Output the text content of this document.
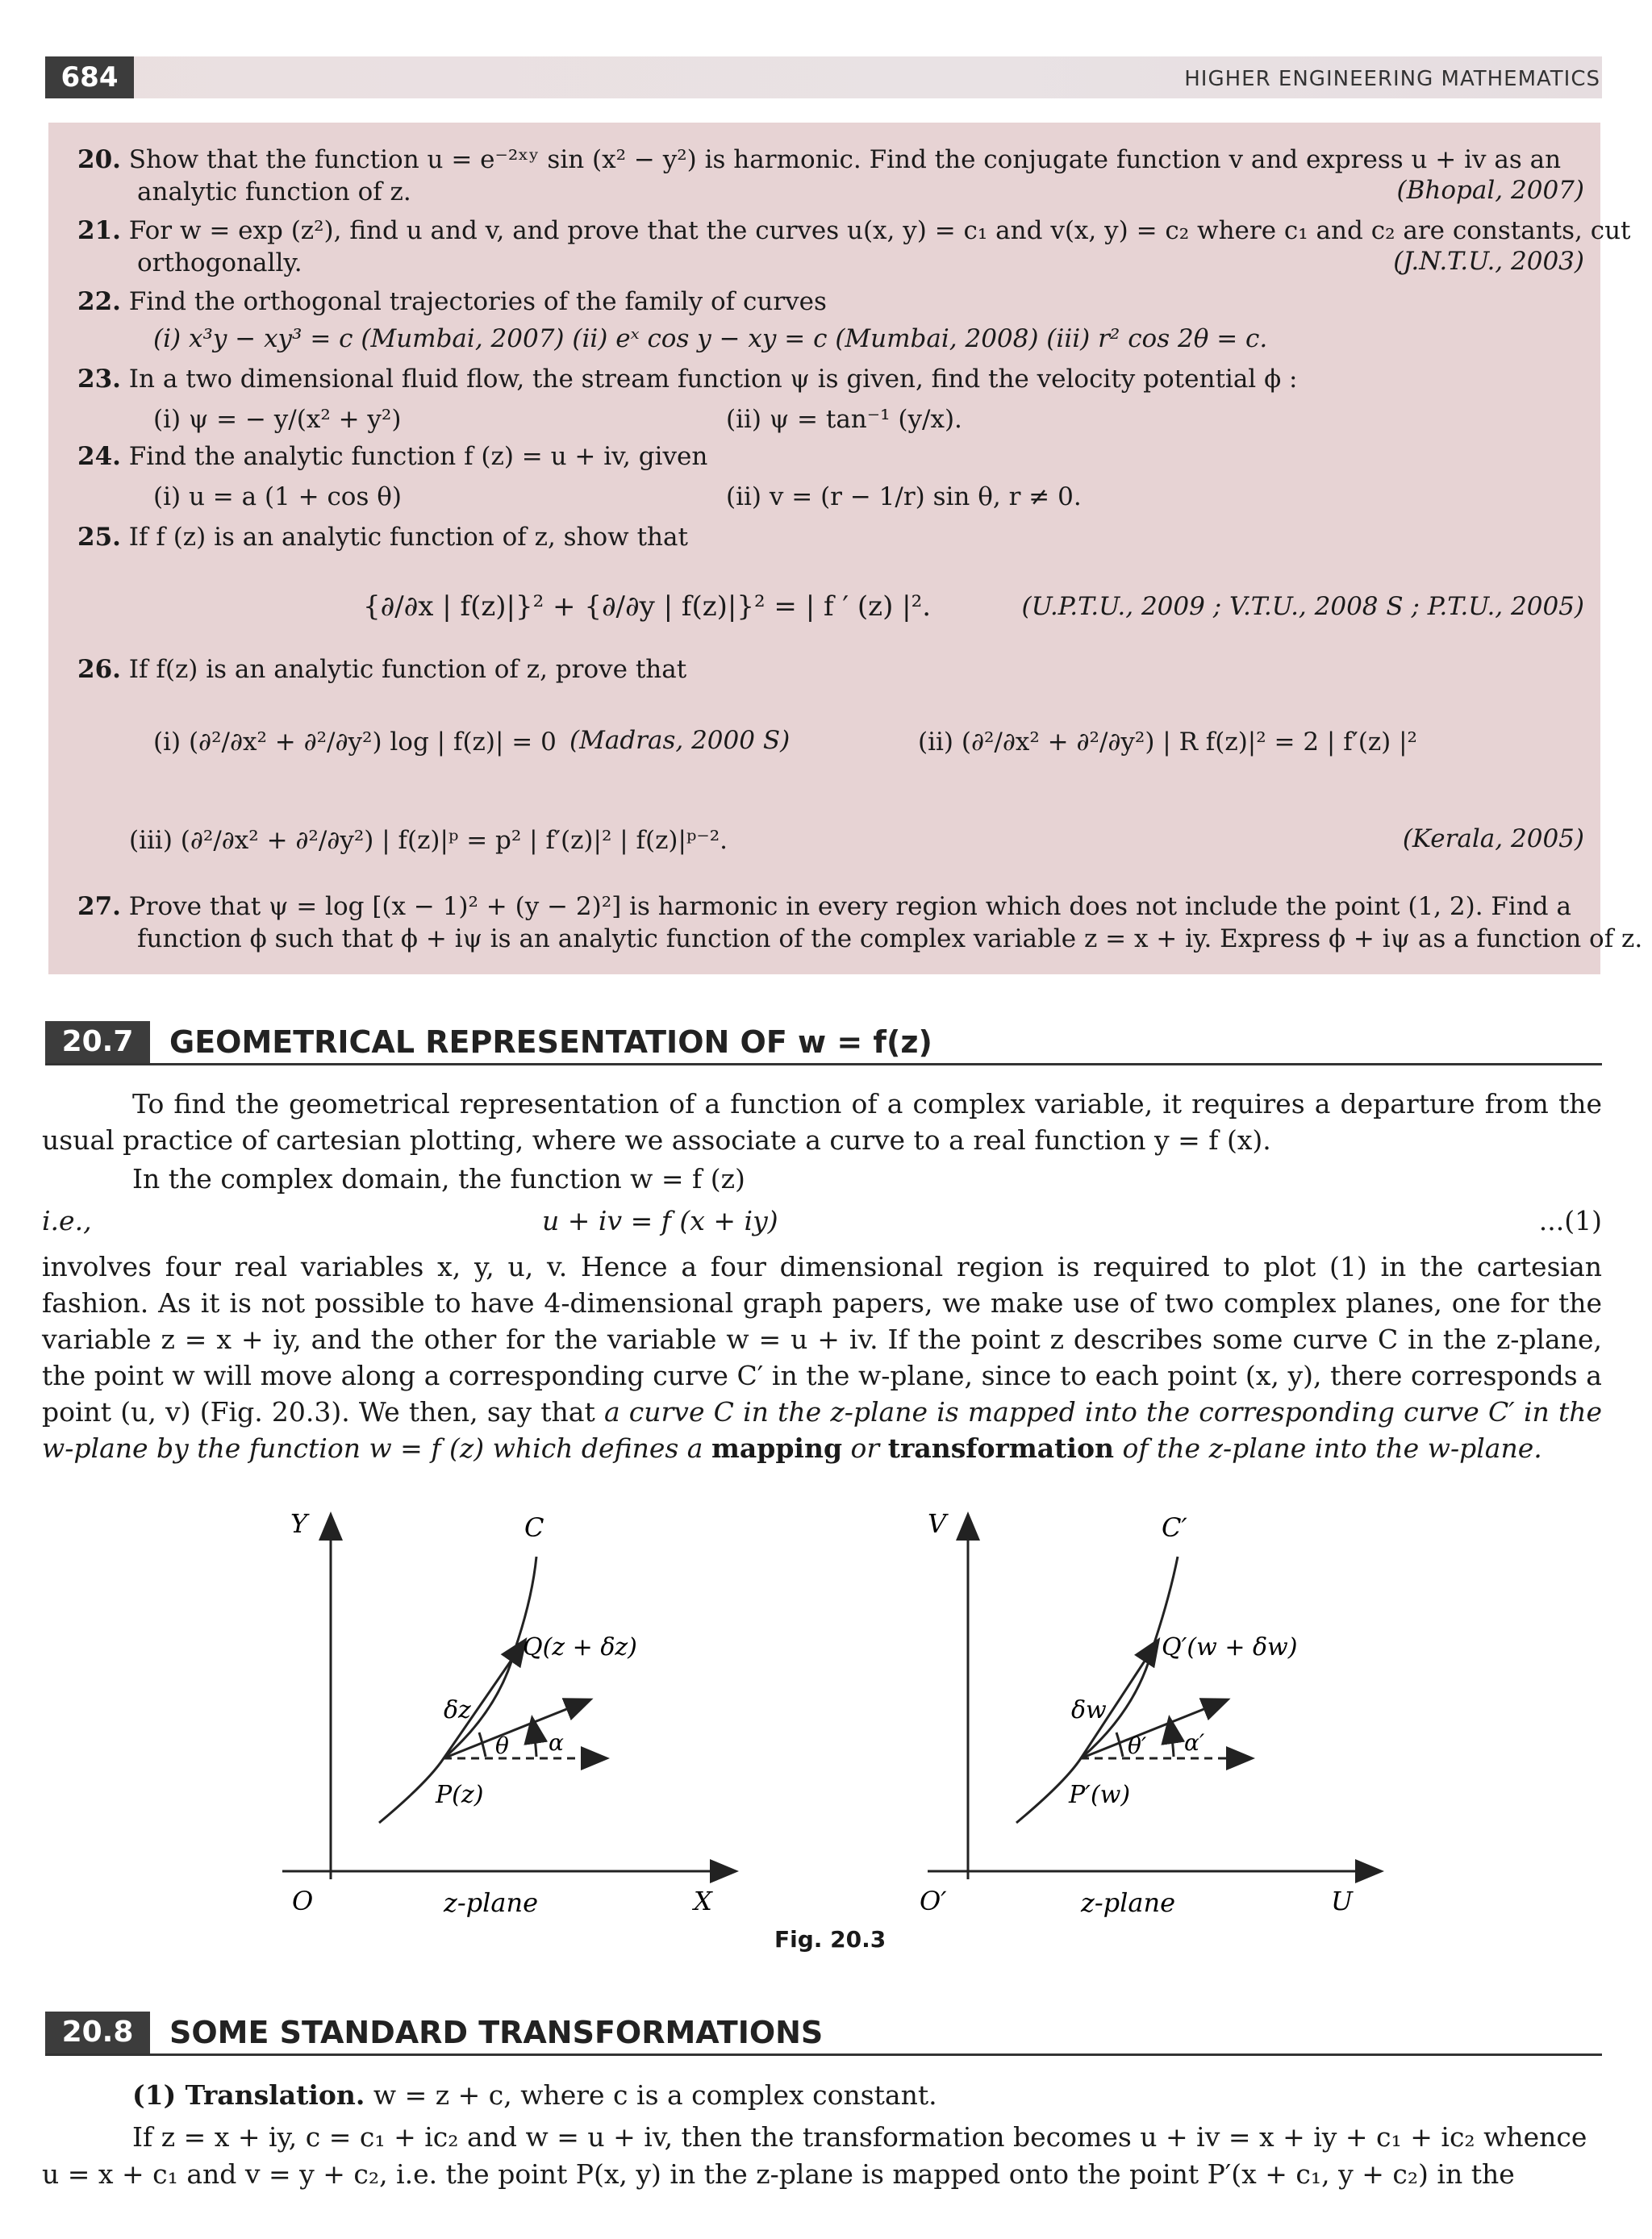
684	HIGHER ENGINEERING MATHEMATICS
20. Show that the function u = e⁻²ˣʸ sin (x² − y²) is harmonic. Find the conjugate function v and express u + iv as an
analytic function of z.	(Bhopal, 2007)
21. For w = exp (z²), find u and v, and prove that the curves u(x, y) = c₁ and v(x, y) = c₂ where c₁ and c₂ are constants, cut
orthogonally.	(J.N.T.U., 2003)
22. Find the orthogonal trajectories of the family of curves
(i) x³y − xy³ = c (Mumbai, 2007) (ii) eˣ cos y − xy = c (Mumbai, 2008) (iii) r² cos 2θ = c.
23. In a two dimensional fluid flow, the stream function ψ is given, find the velocity potential ϕ :
(i) ψ = − y/(x² + y²)	(ii) ψ = tan⁻¹ (y/x).
24. Find the analytic function f (z) = u + iv, given
(i) u = a (1 + cos θ)	(ii) v = (r − 1/r) sin θ, r ≠ 0.
25. If f (z) is an analytic function of z, show that
{∂/∂x | f(z)|}² + {∂/∂y | f(z)|}² = | f ′ (z) |².	(U.P.T.U., 2009 ; V.T.U., 2008 S ; P.T.U., 2005)
26. If f(z) is an analytic function of z, prove that
(i) (∂²/∂x² + ∂²/∂y²) log | f(z)| = 0 (Madras, 2000 S)	(ii) (∂²/∂x² + ∂²/∂y²) | R f(z)|² = 2 | f′(z) |²
(iii) (∂²/∂x² + ∂²/∂y²) | f(z)|ᵖ = p² | f′(z)|² | f(z)|ᵖ⁻².	(Kerala, 2005)
27. Prove that ψ = log [(x − 1)² + (y − 2)²] is harmonic in every region which does not include the point (1, 2). Find a
function ϕ such that ϕ + iψ is an analytic function of the complex variable z = x + iy. Express ϕ + iψ as a function of z.
20.7	GEOMETRICAL REPRESENTATION OF w = f(z)
To find the geometrical representation of a function of a complex variable, it requires a departure from the usual practice of cartesian plotting, where we associate a curve to a real function y = f (x).
In the complex domain, the function w = f (z)
i.e.,	u + iv = f (x + iy)	...(1)
involves four real variables x, y, u, v. Hence a four dimensional region is required to plot (1) in the cartesian fashion. As it is not possible to have 4-dimensional graph papers, we make use of two complex planes, one for the variable z = x + iy, and the other for the variable w = u + iv. If the point z describes some curve C in the z-plane, the point w will move along a corresponding curve C′ in the w-plane, since to each point (x, y), there corresponds a point (u, v) (Fig. 20.3). We then, say that a curve C in the z-plane is mapped into the corresponding curve C′ in the w-plane by the function w = f (z) which defines a mapping or transformation of the z-plane into the w-plane.
Y
X
O
C
P(z)
Q(z + δz)
δz
θ α
z-plane
V
U
O′
C′
P′(w)
Q′(w + δw)
δw
θ′ α′
z-plane
Fig. 20.3
20.8	SOME STANDARD TRANSFORMATIONS
(1) Translation. w = z + c, where c is a complex constant.
If z = x + iy, c = c₁ + ic₂ and w = u + iv, then the transformation becomes u + iv = x + iy + c₁ + ic₂ whence
u = x + c₁ and v = y + c₂, i.e. the point P(x, y) in the z-plane is mapped onto the point P′(x + c₁, y + c₂) in the
